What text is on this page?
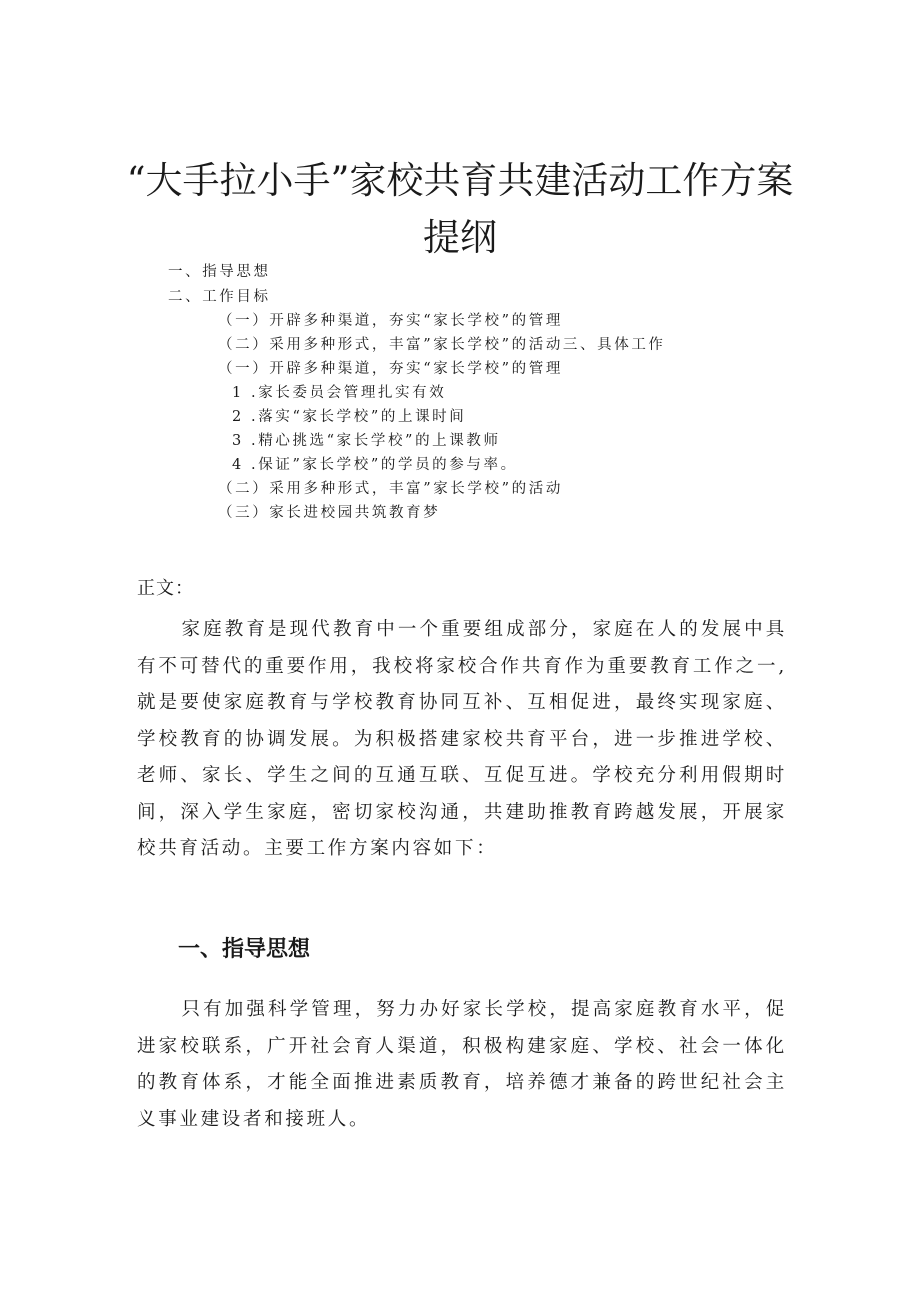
“大手拉小手”家校共育共建活动工作方案
提纲
一、指导思想
二、工作目标
（一）开辟多种渠道，夯实“家长学校”的管理
（二）采用多种形式，丰富”家长学校”的活动三、具体工作
（一）开辟多种渠道，夯实“家长学校”的管理
1 .家长委员会管理扎实有效
2 .落实“家长学校”的上课时间
3 .精心挑选“家长学校”的上课教师
4 .保证”家长学校”的学员的参与率。
（二）采用多种形式，丰富”家长学校”的活动
（三）家长进校园共筑教育梦
正文：
家庭教育是现代教育中一个重要组成部分，家庭在人的发展中具有不可替代的重要作用，我校将家校合作共育作为重要教育工作之一,就是要使家庭教育与学校教育协同互补、互相促进，最终实现家庭、学校教育的协调发展。为积极搭建家校共育平台，进一步推进学校、老师、家长、学生之间的互通互联、互促互进。学校充分利用假期时间，深入学生家庭，密切家校沟通，共建助推教育跨越发展，开展家校共育活动。主要工作方案内容如下：
一、指导思想
只有加强科学管理，努力办好家长学校，提高家庭教育水平，促进家校联系，广开社会育人渠道，积极构建家庭、学校、社会一体化的教育体系，才能全面推进素质教育，培养德才兼备的跨世纪社会主义事业建设者和接班人。
